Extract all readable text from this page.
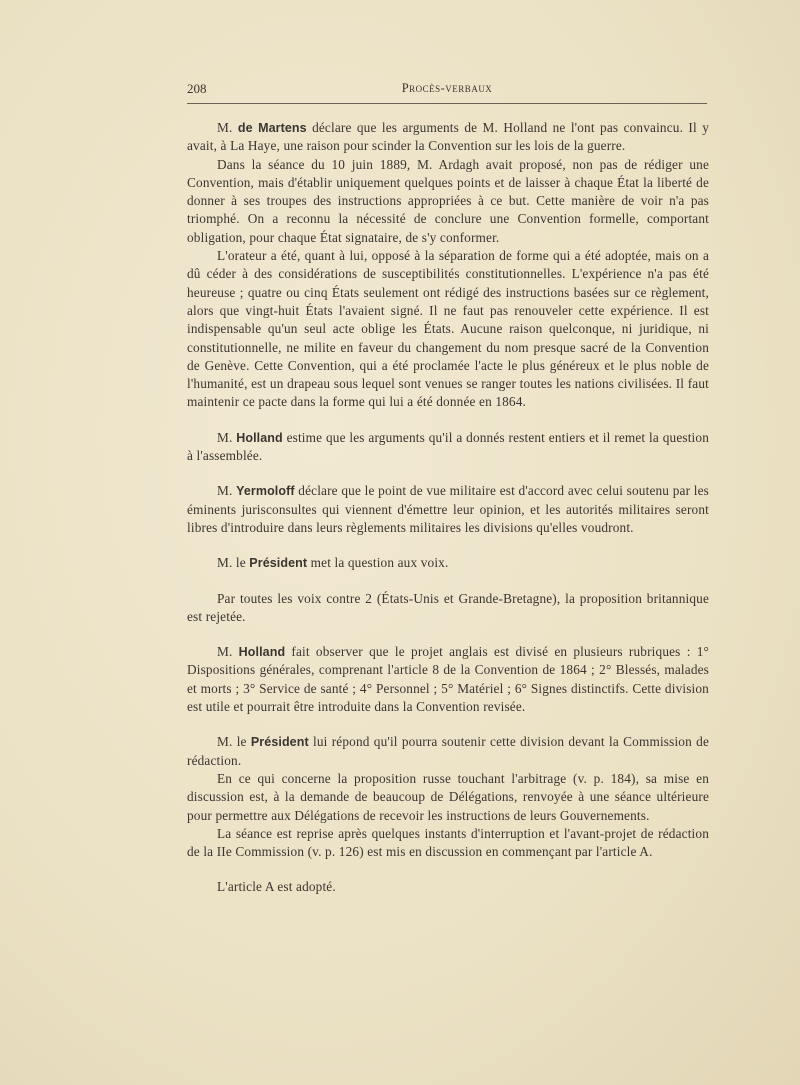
208	Procès-verbaux

M. de Martens déclare que les arguments de M. Holland ne l'ont pas convaincu. Il y avait, à La Haye, une raison pour scinder la Convention sur les lois de la guerre.

Dans la séance du 10 juin 1889, M. Ardagh avait proposé, non pas de rédiger une Convention, mais d'établir uniquement quelques points et de laisser à chaque État la liberté de donner à ses troupes des instructions appropriées à ce but. Cette manière de voir n'a pas triomphé. On a reconnu la nécessité de conclure une Convention formelle, comportant obligation, pour chaque État signataire, de s'y conformer.

L'orateur a été, quant à lui, opposé à la séparation de forme qui a été adoptée, mais on a dû céder à des considérations de susceptibilités constitutionnelles. L'expérience n'a pas été heureuse ; quatre ou cinq États seulement ont rédigé des instructions basées sur ce règlement, alors que vingt-huit États l'avaient signé. Il ne faut pas renouveler cette expérience. Il est indispensable qu'un seul acte oblige les États. Aucune raison quelconque, ni juridique, ni constitutionnelle, ne milite en faveur du changement du nom presque sacré de la Convention de Genève. Cette Convention, qui a été proclamée l'acte le plus généreux et le plus noble de l'humanité, est un drapeau sous lequel sont venues se ranger toutes les nations civilisées. Il faut maintenir ce pacte dans la forme qui lui a été donnée en 1864.

M. Holland estime que les arguments qu'il a donnés restent entiers et il remet la question à l'assemblée.

M. Yermoloff déclare que le point de vue militaire est d'accord avec celui soutenu par les éminents jurisconsultes qui viennent d'émettre leur opinion, et les autorités militaires seront libres d'introduire dans leurs règlements militaires les divisions qu'elles voudront.

M. le Président met la question aux voix.

Par toutes les voix contre 2 (États-Unis et Grande-Bretagne), la proposition britannique est rejetée.

M. Holland fait observer que le projet anglais est divisé en plusieurs rubriques : 1° Dispositions générales, comprenant l'article 8 de la Convention de 1864 ; 2° Blessés, malades et morts ; 3° Service de santé ; 4° Personnel ; 5° Matériel ; 6° Signes distinctifs. Cette division est utile et pourrait être introduite dans la Convention revisée.

M. le Président lui répond qu'il pourra soutenir cette division devant la Commission de rédaction.

En ce qui concerne la proposition russe touchant l'arbitrage (v. p. 184), sa mise en discussion est, à la demande de beaucoup de Délégations, renvoyée à une séance ultérieure pour permettre aux Délégations de recevoir les instructions de leurs Gouvernements.

La séance est reprise après quelques instants d'interruption et l'avant-projet de rédaction de la IIe Commission (v. p. 126) est mis en discussion en commençant par l'article A.

L'article A est adopté.
